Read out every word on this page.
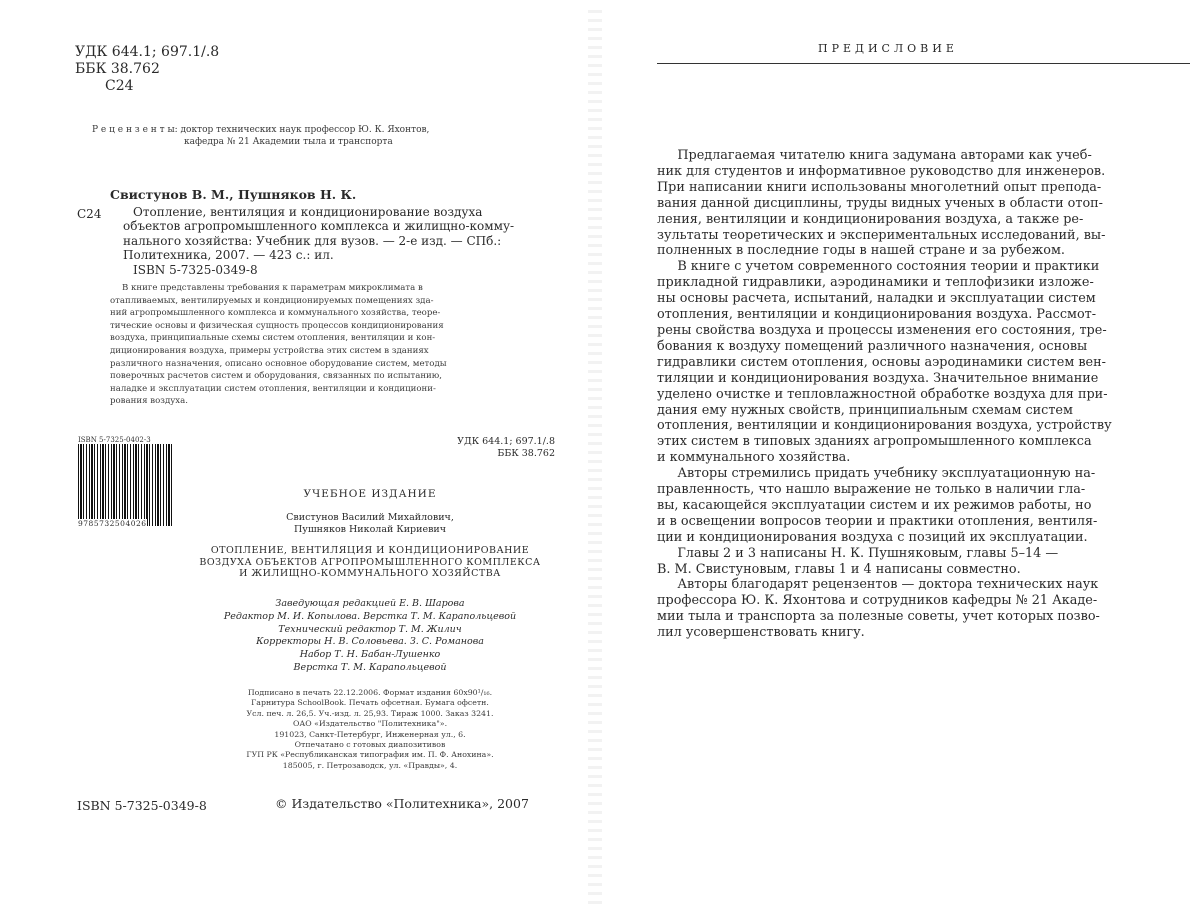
УДК 644.1; 697.1/.8
ББК 38.762
С24
Р е ц е н з е н т ы: доктор технических наук профессор Ю. К. Яхонтов,
кафедра № 21 Академии тыла и транспорта
Свистунов В. М., Пушняков Н. К.
С24	Отопление, вентиляция и кондиционирование воздуха
объектов агропромышленного комплекса и жилищно-комму-
нального хозяйства: Учебник для вузов. — 2-е изд. — СПб.:
Политехника, 2007. — 423 с.: ил.
ISBN 5-7325-0349-8
В книге представлены требования к параметрам микроклимата в
отапливаемых, вентилируемых и кондиционируемых помещениях зда-
ний агропромышленного комплекса и коммунального хозяйства, теоре-
тические основы и физическая сущность процессов кондиционирования
воздуха, принципиальные схемы систем отопления, вентиляции и кон-
диционирования воздуха, примеры устройства этих систем в зданиях
различного назначения, описано основное оборудование систем, методы
поверочных расчетов систем и оборудования, связанных по испытанию,
наладке и эксплуатации систем отопления, вентиляции и кондициони-
рования воздуха.
УДК 644.1; 697.1/.8
ББК 38.762
ISBN 5-7325-0402-3
9785732504026
УЧЕБНОЕ ИЗДАНИЕ
Свистунов Василий Михайлович,
Пушняков Николай Кириевич
ОТОПЛЕНИЕ, ВЕНТИЛЯЦИЯ И КОНДИЦИОНИРОВАНИЕ
ВОЗДУХА ОБЪЕКТОВ АГРОПРОМЫШЛЕННОГО КОМПЛЕКСА
И ЖИЛИЩНО-КОММУНАЛЬНОГО ХОЗЯЙСТВА
Заведующая редакцией Е. В. Шарова
Редактор М. И. Копылова. Верстка Т. М. Карапольцевой
Технический редактор Т. М. Жилич
Корректоры Н. В. Соловьева. З. С. Романова
Набор Т. Н. Бабан-Лушенко
Верстка Т. М. Карапольцевой
Подписано в печать 22.12.2006. Формат издания 60х90¹/₁₆.
Гарнитура SchoolBook. Печать офсетная. Бумага офсетн.
Усл. печ. л. 26,5. Уч.-изд. л. 25,93. Тираж 1000. Заказ 3241.
ОАО «Издательство "Политехника"».
191023, Санкт-Петербург, Инженерная ул., 6.
Отпечатано с готовых диапозитивов
ГУП РК «Республиканская типография им. П. Ф. Анохина».
185005, г. Петрозаводск, ул. «Правды», 4.
ISBN 5-7325-0349-8	© Издательство «Политехника», 2007
ПРЕДИСЛОВИЕ
Предлагаемая читателю книга задумана авторами как учеб-
ник для студентов и информативное руководство для инженеров.
При написании книги использованы многолетний опыт препода-
вания данной дисциплины, труды видных ученых в области отоп-
ления, вентиляции и кондиционирования воздуха, а также ре-
зультаты теоретических и экспериментальных исследований, вы-
полненных в последние годы в нашей стране и за рубежом.
В книге с учетом современного состояния теории и практики
прикладной гидравлики, аэродинамики и теплофизики изложе-
ны основы расчета, испытаний, наладки и эксплуатации систем
отопления, вентиляции и кондиционирования воздуха. Рассмот-
рены свойства воздуха и процессы изменения его состояния, тре-
бования к воздуху помещений различного назначения, основы
гидравлики систем отопления, основы аэродинамики систем вен-
тиляции и кондиционирования воздуха. Значительное внимание
уделено очистке и тепловлажностной обработке воздуха для при-
дания ему нужных свойств, принципиальным схемам систем
отопления, вентиляции и кондиционирования воздуха, устройству
этих систем в типовых зданиях агропромышленного комплекса
и коммунального хозяйства.
Авторы стремились придать учебнику эксплуатационную на-
правленность, что нашло выражение не только в наличии гла-
вы, касающейся эксплуатации систем и их режимов работы, но
и в освещении вопросов теории и практики отопления, вентиля-
ции и кондиционирования воздуха с позиций их эксплуатации.
Главы 2 и 3 написаны Н. К. Пушняковым, главы 5–14 —
В. М. Свистуновым, главы 1 и 4 написаны совместно.
Авторы благодарят рецензентов — доктора технических наук
профессора Ю. К. Яхонтова и сотрудников кафедры № 21 Акаде-
мии тыла и транспорта за полезные советы, учет которых позво-
лил усовершенствовать книгу.
